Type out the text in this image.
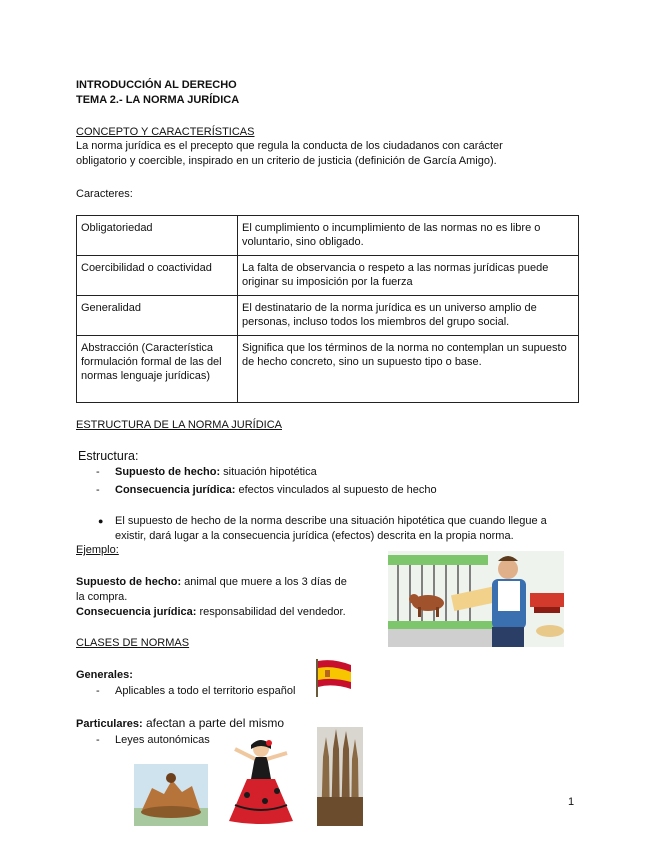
INTRODUCCIÓN AL DERECHO
TEMA 2.- LA NORMA JURÍDICA
CONCEPTO Y CARACTERÍSTICAS
La norma jurídica es el precepto que regula la conducta de los ciudadanos con carácter
obligatorio y coercible, inspirado en un criterio de justicia (definición de García Amigo).
Caracteres:
Obligatoriedad	El cumplimiento o incumplimiento de las normas no es libre o voluntario, sino obligado.
Coercibilidad o coactividad	La falta de observancia o respeto a las normas jurídicas puede originar su imposición por la fuerza
Generalidad	El destinatario de la norma jurídica es un universo amplio de personas, incluso todos los miembros del grupo social.
Abstracción (Característica formulación formal de las del normas lenguaje jurídicas)	Significa que los términos de la norma no contemplan un supuesto de hecho concreto, sino un supuesto tipo o base.
ESTRUCTURA DE LA NORMA JURÍDICA
Estructura:
- Supuesto de hecho: situación hipotética
- Consecuencia jurídica: efectos vinculados al supuesto de hecho
● El supuesto de hecho de la norma describe una situación hipotética que cuando llegue a
existir, dará lugar a la consecuencia jurídica (efectos) descrita en la propia norma.
Ejemplo:
Supuesto de hecho: animal que muere a los 3 días de
la compra.
Consecuencia jurídica: responsabilidad del vendedor.
CLASES DE NORMAS
Generales:
- Aplicables a todo el territorio español
Particulares: afectan a parte del mismo
- Leyes autonómicas
1
